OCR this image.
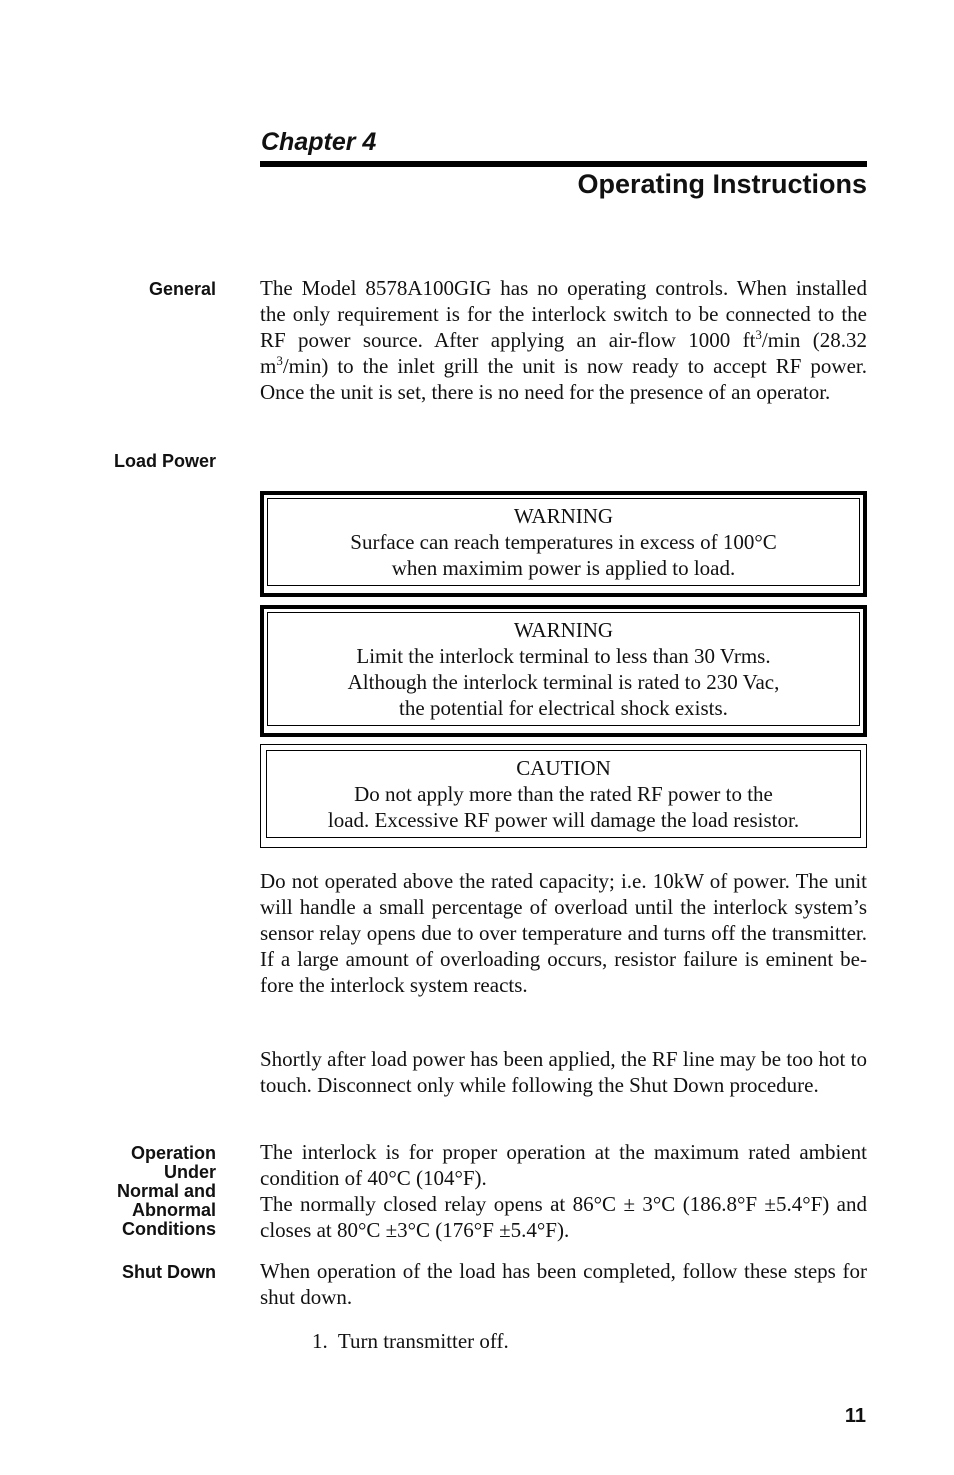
Chapter 4
Operating Instructions
General The Model 8578A100GIG has no operating controls. When installed the only requirement is for the interlock switch to be connected to the RF power source. After applying an air-flow 1000 $ft^3/\min$ (28.32 $m^3/\min$) to the inlet grill the unit is now ready to accept RF power. Once the unit is set, there is no need for the presence of an operator.

Load Power
WARNING
Surface can reach temperatures in excess of 100°C
when maximim power is applied to load.
WARNING
Limit the interlock terminal to less than 30 Vrms.
Although the interlock terminal is rated to 230 Vac,
the potential for electrical shock exists.
CAUTION
Do not apply more than the rated RF power to the
load. Excessive RF power will damage the load resistor.

Do not operated above the rated capacity; i.e. 10kW of power. The unit will handle a small percentage of overload until the interlock system’s sensor relay opens due to over temperature and turns off the transmitter. If a large amount of overloading occurs, resistor failure is eminent be-fore the interlock system reacts.

Shortly after load power has been applied, the RF line may be too hot to touch. Disconnect only while following the Shut Down procedure.

Operation
Under
Normal and
Abnormal
Conditions

The interlock is for proper operation at the maximum rated ambient condition of 40°C (104°F).

The normally closed relay opens at 86°C ± 3°C (186.8°F ±5.4°F) and closes at 80°C ±3°C (176°F ±5.4°F).

Shut Down When operation of the load has been completed, follow these steps for shut down.

1.  Turn transmitter off.
11
